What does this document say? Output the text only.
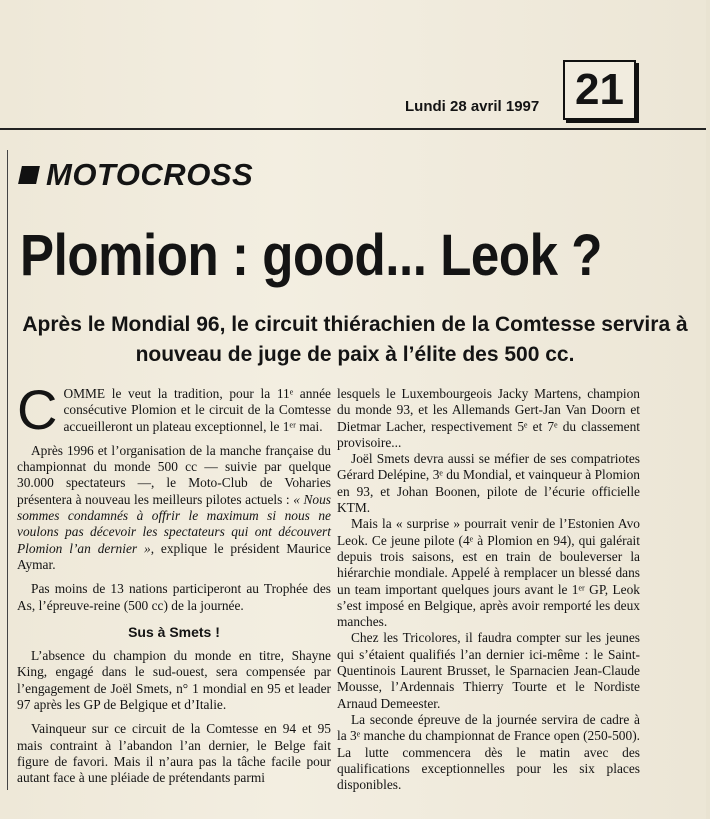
Lundi 28 avril 1997 21
MOTOCROSS
Plomion : good... Leok ?
Après le Mondial 96, le circuit thiérachien de la Comtesse servira à nouveau de juge de paix à l’élite des 500 cc.

COMME le veut la tradition, pour la 11ᵉ année consécutive Plomion et le circuit de la Comtesse accueilleront un plateau exceptionnel, le 1ᵉʳ mai.

Après 1996 et l’organisation de la manche française du championnat du monde 500 cc — suivie par quelque 30.000 spectateurs —, le Moto-Club de Voharies présentera à nouveau les meilleurs pilotes actuels : « Nous sommes condamnés à offrir le maximum si nous ne voulons pas décevoir les spectateurs qui ont découvert Plomion l’an dernier », explique le président Maurice Aymar.

Pas moins de 13 nations participeront au Trophée des As, l’épreuve-reine (500 cc) de la journée.

Sus à Smets !

L’absence du champion du monde en titre, Shayne King, engagé dans le sud-ouest, sera compensée par l’engagement de Joël Smets, n° 1 mondial en 95 et leader 97 après les GP de Belgique et d’Italie.

Vainqueur sur ce circuit de la Comtesse en 94 et 95 mais contraint à l’abandon l’an dernier, le Belge fait figure de favori. Mais il n’aura pas la tâche facile pour autant face à une pléiade de prétendants parmi

lesquels le Luxembourgeois Jacky Martens, champion du monde 93, et les Allemands Gert-Jan Van Doorn et Dietmar Lacher, respectivement 5ᵉ et 7ᵉ du classement provisoire...

Joël Smets devra aussi se méfier de ses compatriotes Gérard Delépine, 3ᵉ du Mondial, et vainqueur à Plomion en 93, et Johan Boonen, pilote de l’écurie officielle KTM.

Mais la « surprise » pourrait venir de l’Estonien Avo Leok. Ce jeune pilote (4ᵉ à Plomion en 94), qui galérait depuis trois saisons, est en train de bouleverser la hiérarchie mondiale. Appelé à remplacer un blessé dans un team important quelques jours avant le 1ᵉʳ GP, Leok s’est imposé en Belgique, après avoir remporté les deux manches.

Chez les Tricolores, il faudra compter sur les jeunes qui s’étaient qualifiés l’an dernier ici-même : le Saint-Quentinois Laurent Brusset, le Sparnacien Jean-Claude Mousse, l’Ardennais Thierry Tourte et le Nordiste Arnaud Demeester.

La seconde épreuve de la journée servira de cadre à la 3ᵉ manche du championnat de France open (250-500). La lutte commencera dès le matin avec des qualifications exceptionnelles pour les six places disponibles.
